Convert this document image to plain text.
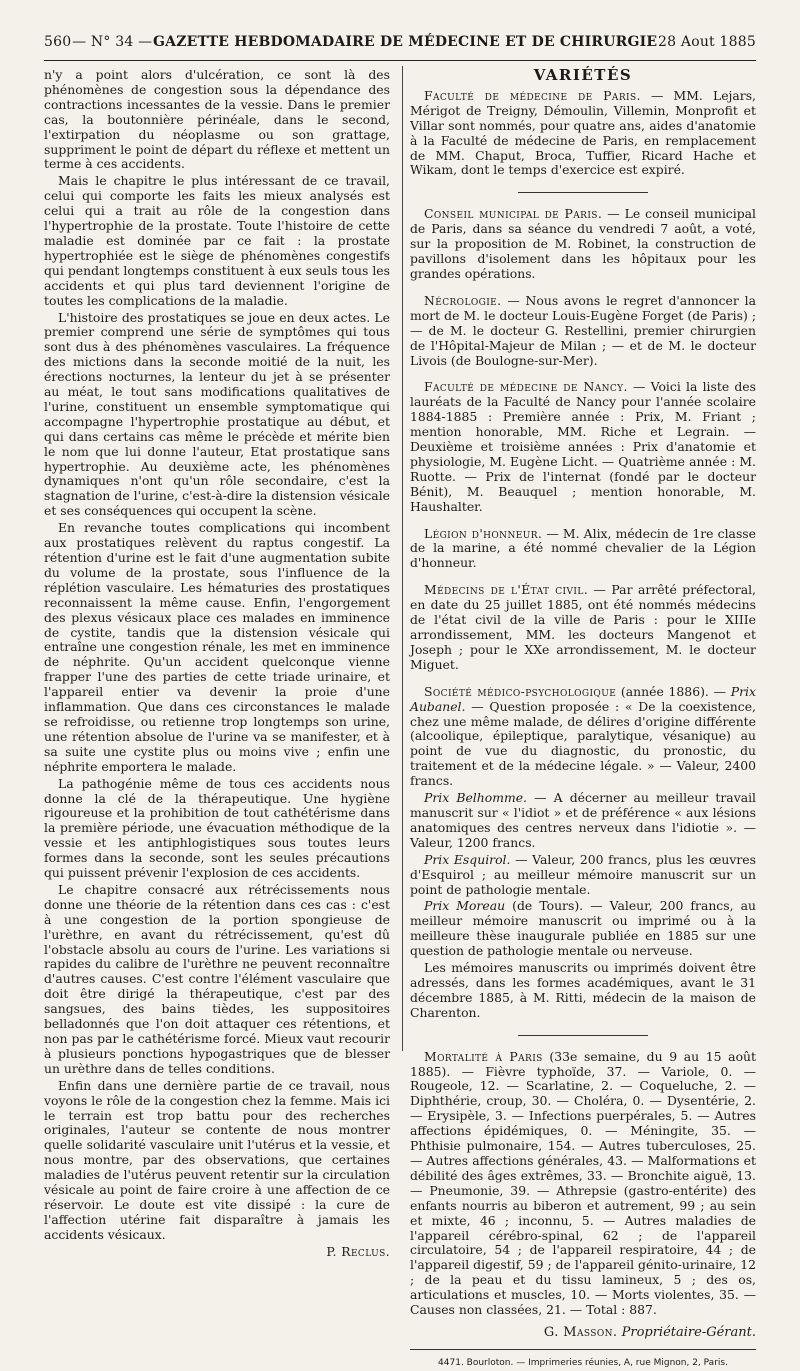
560 — N° 34 — GAZETTE HEBDOMADAIRE DE MÉDECINE ET DE CHIRURGIE 28 Aout 1885

n'y a point alors d'ulcération, ce sont là des phénomènes de congestion sous la dépendance des contractions incessantes de la vessie. Dans le premier cas, la boutonnière périnéale, dans le second, l'extirpation du néoplasme ou son grattage, suppriment le point de départ du réflexe et mettent un terme à ces accidents.

Mais le chapitre le plus intéressant de ce travail, celui qui comporte les faits les mieux analysés est celui qui a trait au rôle de la congestion dans l'hypertrophie de la prostate. Toute l'histoire de cette maladie est dominée par ce fait : la prostate hypertrophiée est le siège de phénomènes congestifs qui pendant longtemps constituent à eux seuls tous les accidents et qui plus tard deviennent l'origine de toutes les complications de la maladie.

L'histoire des prostatiques se joue en deux actes. Le premier comprend une série de symptômes qui tous sont dus à des phénomènes vasculaires. La fréquence des mictions dans la seconde moitié de la nuit, les érections nocturnes, la lenteur du jet à se présenter au méat, le tout sans modifications qualitatives de l'urine, constituent un ensemble symptomatique qui accompagne l'hypertrophie prostatique au début, et qui dans certains cas même le précède et mérite bien le nom que lui donne l'auteur, Etat prostatique sans hypertrophie. Au deuxième acte, les phénomènes dynamiques n'ont qu'un rôle secondaire, c'est la stagnation de l'urine, c'est-à-dire la distension vésicale et ses conséquences qui occupent la scène.

En revanche toutes complications qui incombent aux prostatiques relèvent du raptus congestif. La rétention d'urine est le fait d'une augmentation subite du volume de la prostate, sous l'influence de la réplétion vasculaire. Les hématuries des prostatiques reconnaissent la même cause. Enfin, l'engorgement des plexus vésicaux place ces malades en imminence de cystite, tandis que la distension vésicale qui entraîne une congestion rénale, les met en imminence de néphrite. Qu'un accident quelconque vienne frapper l'une des parties de cette triade urinaire, et l'appareil entier va devenir la proie d'une inflammation. Que dans ces circonstances le malade se refroidisse, ou retienne trop longtemps son urine, une rétention absolue de l'urine va se manifester, et à sa suite une cystite plus ou moins vive ; enfin une néphrite emportera le malade.

La pathogénie même de tous ces accidents nous donne la clé de la thérapeutique. Une hygiène rigoureuse et la prohibition de tout cathétérisme dans la première période, une évacuation méthodique de la vessie et les antiphlogistiques sous toutes leurs formes dans la seconde, sont les seules précautions qui puissent prévenir l'explosion de ces accidents.

Le chapitre consacré aux rétrécissements nous donne une théorie de la rétention dans ces cas : c'est à une congestion de la portion spongieuse de l'urèthre, en avant du rétrécissement, qu'est dû l'obstacle absolu au cours de l'urine. Les variations si rapides du calibre de l'urèthre ne peuvent reconnaître d'autres causes. C'est contre l'élément vasculaire que doit être dirigé la thérapeutique, c'est par des sangsues, des bains tièdes, les suppositoires belladonnés que l'on doit attaquer ces rétentions, et non pas par le cathétérisme forcé. Mieux vaut recourir à plusieurs ponctions hypogastriques que de blesser un urèthre dans de telles conditions.

Enfin dans une dernière partie de ce travail, nous voyons le rôle de la congestion chez la femme. Mais ici le terrain est trop battu pour des recherches originales, l'auteur se contente de nous montrer quelle solidarité vasculaire unit l'utérus et la vessie, et nous montre, par des observations, que certaines maladies de l'utérus peuvent retentir sur la circulation vésicale au point de faire croire à une affection de ce réservoir. Le doute est vite dissipé : la cure de l'affection utérine fait disparaître à jamais les accidents vésicaux.

P. Reclus.
VARIÉTÉS

Faculté de médecine de Paris. — MM. Lejars, Mérigot de Treigny, Démoulin, Villemin, Monprofit et Villar sont nommés, pour quatre ans, aides d'anatomie à la Faculté de médecine de Paris, en remplacement de MM. Chaput, Broca, Tuffier, Ricard Hache et Wikam, dont le temps d'exercice est expiré.

Conseil municipal de Paris. — Le conseil municipal de Paris, dans sa séance du vendredi 7 août, a voté, sur la proposition de M. Robinet, la construction de pavillons d'isolement dans les hôpitaux pour les grandes opérations.

Nécrologie. — Nous avons le regret d'annoncer la mort de M. le docteur Louis-Eugène Forget (de Paris) ; — de M. le docteur G. Restellini, premier chirurgien de l'Hôpital-Majeur de Milan ; — et de M. le docteur Livois (de Boulogne-sur-Mer).

Faculté de médecine de Nancy. — Voici la liste des lauréats de la Faculté de Nancy pour l'année scolaire 1884-1885 : Première année : Prix, M. Friant ; mention honorable, MM. Riche et Legrain. — Deuxième et troisième années : Prix d'anatomie et physiologie, M. Eugène Licht. — Quatrième année : M. Ruotte. — Prix de l'internat (fondé par le docteur Bénit), M. Beauquel ; mention honorable, M. Haushalter.

Légion d'honneur. — M. Alix, médecin de 1re classe de la marine, a été nommé chevalier de la Légion d'honneur.

Médecins de l'État civil. — Par arrêté préfectoral, en date du 25 juillet 1885, ont été nommés médecins de l'état civil de la ville de Paris : pour le XIIIe arrondissement, MM. les docteurs Mangenot et Joseph ; pour le XXe arrondissement, M. le docteur Miguet.

Société médico-psychologique (année 1886). — Prix Aubanel. — Question proposée : « De la coexistence, chez une même malade, de délires d'origine différente (alcoolique, épileptique, paralytique, vésanique) au point de vue du diagnostic, du pronostic, du traitement et de la médecine légale. » — Valeur, 2400 francs.

Prix Belhomme. — A décerner au meilleur travail manuscrit sur « l'idiot » et de préférence « aux lésions anatomiques des centres nerveux dans l'idiotie ». — Valeur, 1200 francs.

Prix Esquirol. — Valeur, 200 francs, plus les œuvres d'Esquirol ; au meilleur mémoire manuscrit sur un point de pathologie mentale.

Prix Moreau (de Tours). — Valeur, 200 francs, au meilleur mémoire manuscrit ou imprimé ou à la meilleure thèse inaugurale publiée en 1885 sur une question de pathologie mentale ou nerveuse.

Les mémoires manuscrits ou imprimés doivent être adressés, dans les formes académiques, avant le 31 décembre 1885, à M. Ritti, médecin de la maison de Charenton.

Mortalité à Paris (33e semaine, du 9 au 15 août 1885). — Fièvre typhoïde, 37. — Variole, 0. — Rougeole, 12. — Scarlatine, 2. — Coqueluche, 2. — Diphthérie, croup, 30. — Choléra, 0. — Dysentérie, 2. — Erysipèle, 3. — Infections puerpérales, 5. — Autres affections épidémiques, 0. — Méningite, 35. — Phthisie pulmonaire, 154. — Autres tuberculoses, 25. — Autres affections générales, 43. — Malformations et débilité des âges extrêmes, 33. — Bronchite aiguë, 13. — Pneumonie, 39. — Athrepsie (gastro-entérite) des enfants nourris au biberon et autrement, 99 ; au sein et mixte, 46 ; inconnu, 5. — Autres maladies de l'appareil cérébro-spinal, 62 ; de l'appareil circulatoire, 54 ; de l'appareil respiratoire, 44 ; de l'appareil digestif, 59 ; de l'appareil génito-urinaire, 12 ; de la peau et du tissu lamineux, 5 ; des os, articulations et muscles, 10. — Morts violentes, 35. — Causes non classées, 21. — Total : 887.

G. Masson. Propriétaire-Gérant.
4471. Bourloton. — Imprimeries réunies, A, rue Mignon, 2, Paris.
